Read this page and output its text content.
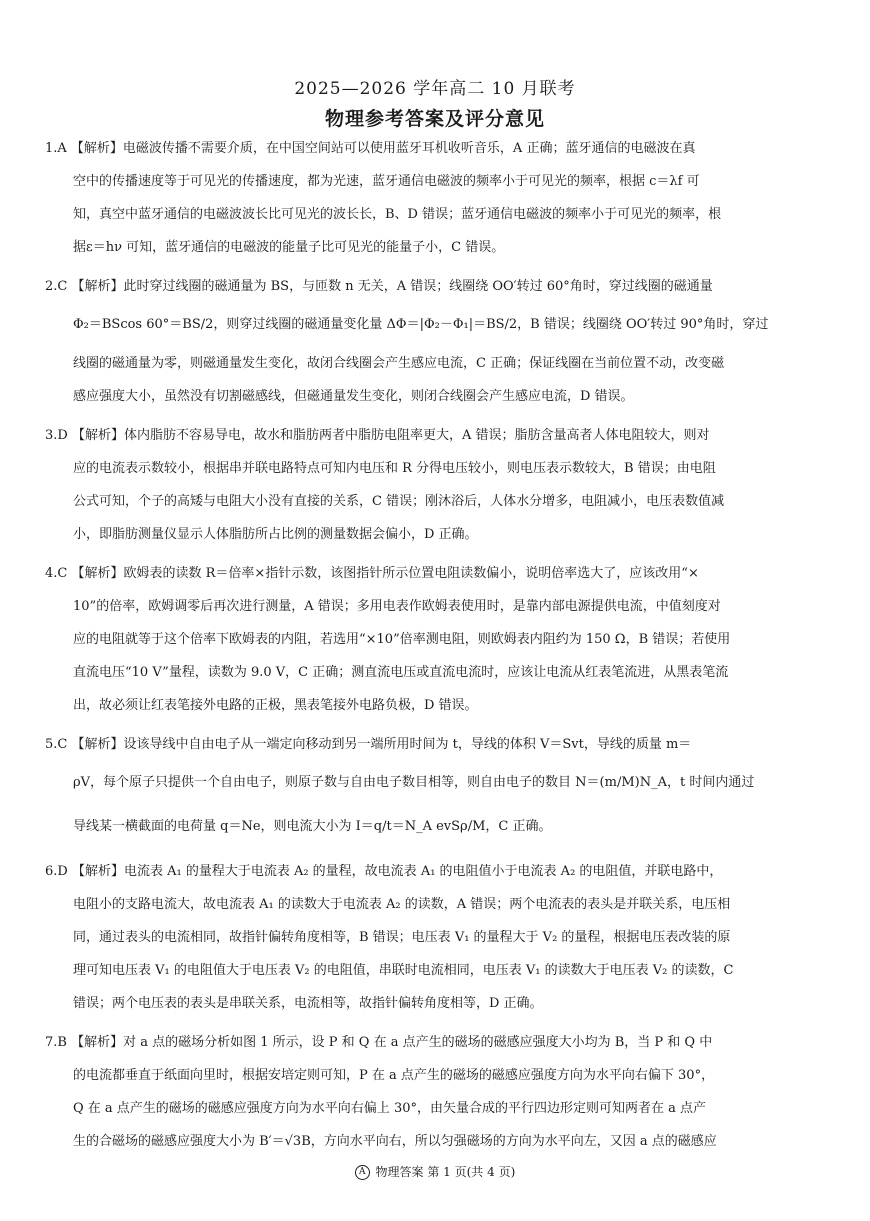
2025—2026 学年高二 10 月联考
物理参考答案及评分意见
1.A 【解析】电磁波传播不需要介质，在中国空间站可以使用蓝牙耳机收听音乐，A 正确；蓝牙通信的电磁波在真
空中的传播速度等于可见光的传播速度，都为光速，蓝牙通信电磁波的频率小于可见光的频率，根据 c＝λf 可
知，真空中蓝牙通信的电磁波波长比可见光的波长长，B、D 错误；蓝牙通信电磁波的频率小于可见光的频率，根
据ε＝hν 可知，蓝牙通信的电磁波的能量子比可见光的能量子小，C 错误。
2.C 【解析】此时穿过线圈的磁通量为 BS，与匝数 n 无关，A 错误；线圈绕 OO′转过 60°角时，穿过线圈的磁通量
Φ₂＝BScos 60°＝BS/2，则穿过线圈的磁通量变化量 ΔΦ＝|Φ₂－Φ₁|＝BS/2，B 错误；线圈绕 OO′转过 90°角时，穿过
线圈的磁通量为零，则磁通量发生变化，故闭合线圈会产生感应电流，C 正确；保证线圈在当前位置不动，改变磁
感应强度大小，虽然没有切割磁感线，但磁通量发生变化，则闭合线圈会产生感应电流，D 错误。
3.D 【解析】体内脂肪不容易导电，故水和脂肪两者中脂肪电阻率更大，A 错误；脂肪含量高者人体电阻较大，则对
应的电流表示数较小，根据串并联电路特点可知内电压和 R 分得电压较小，则电压表示数较大，B 错误；由电阻
公式可知，个子的高矮与电阻大小没有直接的关系，C 错误；刚沐浴后，人体水分增多，电阻减小，电压表数值减
小，即脂肪测量仪显示人体脂肪所占比例的测量数据会偏小，D 正确。
4.C 【解析】欧姆表的读数 R＝倍率×指针示数，该图指针所示位置电阻读数偏小，说明倍率选大了，应该改用“×
10”的倍率，欧姆调零后再次进行测量，A 错误；多用电表作欧姆表使用时，是靠内部电源提供电流，中值刻度对
应的电阻就等于这个倍率下欧姆表的内阻，若选用“×10”倍率测电阻，则欧姆表内阻约为 150 Ω，B 错误；若使用
直流电压“10 V”量程，读数为 9.0 V，C 正确；测直流电压或直流电流时，应该让电流从红表笔流进，从黑表笔流
出，故必须让红表笔接外电路的正极，黑表笔接外电路负极，D 错误。
5.C 【解析】设该导线中自由电子从一端定向移动到另一端所用时间为 t，导线的体积 V＝Svt，导线的质量 m＝
ρV，每个原子只提供一个自由电子，则原子数与自由电子数目相等，则自由电子的数目 N＝(m/M)N_A，t 时间内通过
导线某一横截面的电荷量 q＝Ne，则电流大小为 I＝q/t＝N_A evSρ/M，C 正确。
6.D 【解析】电流表 A₁ 的量程大于电流表 A₂ 的量程，故电流表 A₁ 的电阻值小于电流表 A₂ 的电阻值，并联电路中，
电阻小的支路电流大，故电流表 A₁ 的读数大于电流表 A₂ 的读数，A 错误；两个电流表的表头是并联关系，电压相
同，通过表头的电流相同，故指针偏转角度相等，B 错误；电压表 V₁ 的量程大于 V₂ 的量程，根据电压表改装的原
理可知电压表 V₁ 的电阻值大于电压表 V₂ 的电阻值，串联时电流相同，电压表 V₁ 的读数大于电压表 V₂ 的读数，C
错误；两个电压表的表头是串联关系，电流相等，故指针偏转角度相等，D 正确。
7.B 【解析】对 a 点的磁场分析如图 1 所示，设 P 和 Q 在 a 点产生的磁场的磁感应强度大小均为 B，当 P 和 Q 中
的电流都垂直于纸面向里时，根据安培定则可知，P 在 a 点产生的磁场的磁感应强度方向为水平向右偏下 30°，
Q 在 a 点产生的磁场的磁感应强度方向为水平向右偏上 30°，由矢量合成的平行四边形定则可知两者在 a 点产
生的合磁场的磁感应强度大小为 B′＝√3B，方向水平向右，所以匀强磁场的方向为水平向左，又因 a 点的磁感应
A 物理答案 第 1 页(共 4 页)
